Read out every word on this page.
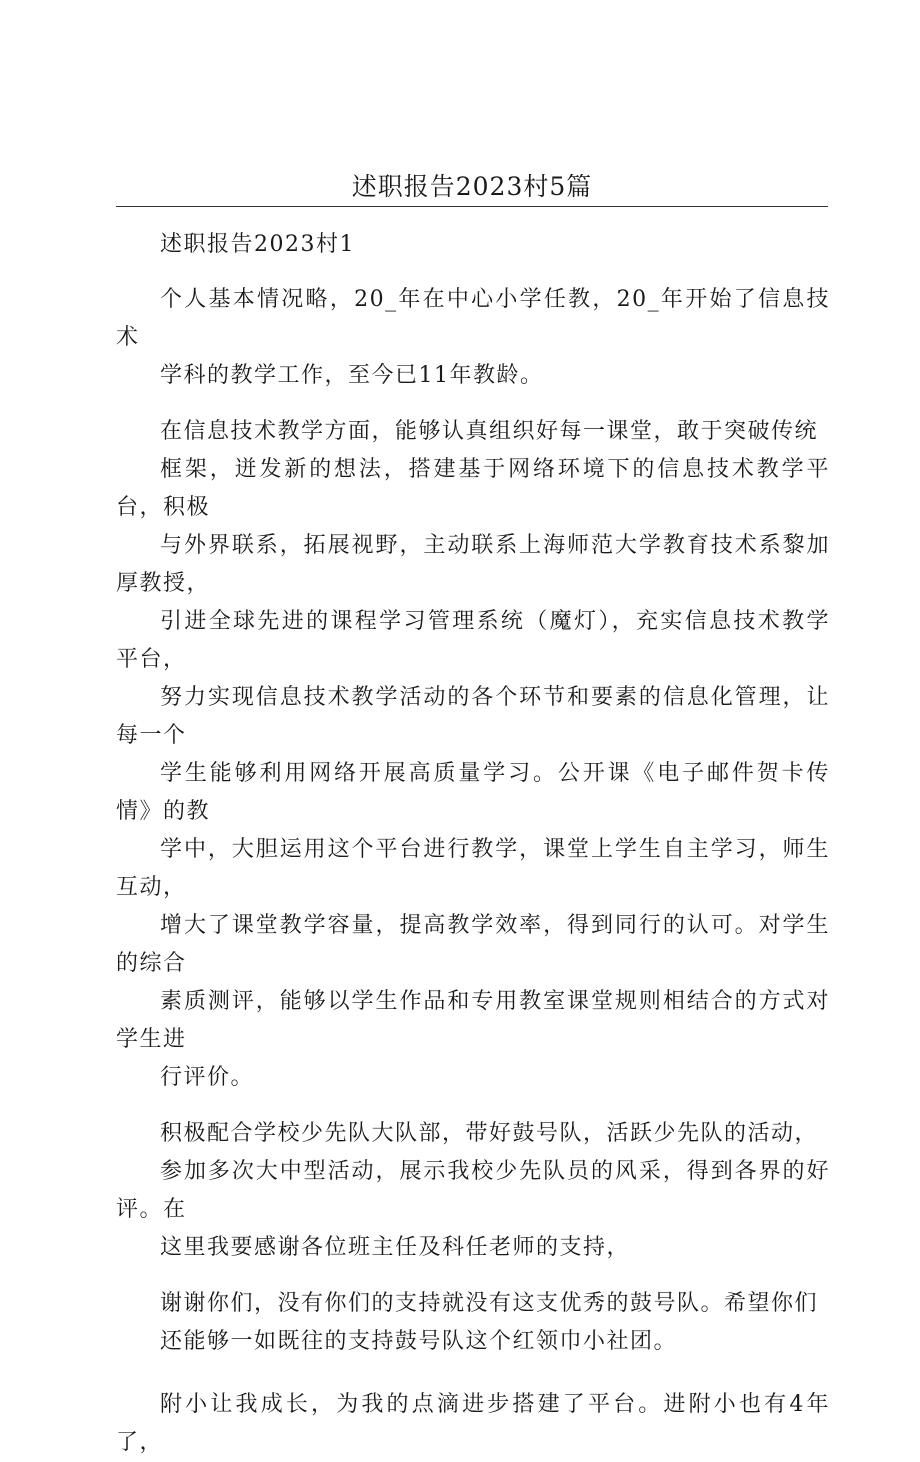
述职报告2023村5篇

述职报告2023村1

个人基本情况略，20_年在中心小学任教，20_年开始了信息技术
学科的教学工作，至今已11年教龄。

在信息技术教学方面，能够认真组织好每一课堂，敢于突破传统
框架，迸发新的想法，搭建基于网络环境下的信息技术教学平台，积极
与外界联系，拓展视野，主动联系上海师范大学教育技术系黎加厚教授，
引进全球先进的课程学习管理系统（魔灯），充实信息技术教学平台，
努力实现信息技术教学活动的各个环节和要素的信息化管理，让每一个
学生能够利用网络开展高质量学习。公开课《电子邮件贺卡传情》的教
学中，大胆运用这个平台进行教学，课堂上学生自主学习，师生互动，
增大了课堂教学容量，提高教学效率，得到同行的认可。对学生的综合
素质测评，能够以学生作品和专用教室课堂规则相结合的方式对学生进
行评价。

积极配合学校少先队大队部，带好鼓号队，活跃少先队的活动，
参加多次大中型活动，展示我校少先队员的风采，得到各界的好评。在
这里我要感谢各位班主任及科任老师的支持，

谢谢你们，没有你们的支持就没有这支优秀的鼓号队。希望你们
还能够一如既往的支持鼓号队这个红领巾小社团。

附小让我成长，为我的点滴进步搭建了平台。进附小也有4年了，
